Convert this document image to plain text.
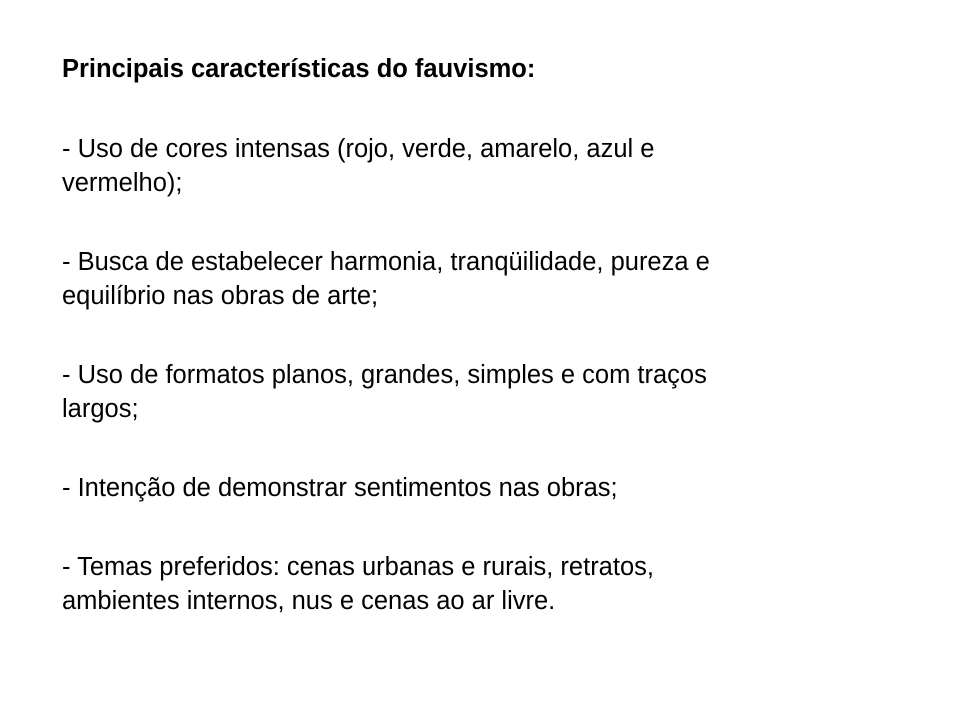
Principais características do fauvismo:

- Uso de cores intensas (rojo, verde, amarelo, azul e
vermelho);

- Busca de estabelecer harmonia, tranqüilidade, pureza e
equilíbrio nas obras de arte;

- Uso de formatos planos, grandes, simples e com traços
largos;

- Intenção de demonstrar sentimentos nas obras;

- Temas preferidos: cenas urbanas e rurais, retratos,
ambientes internos, nus e cenas ao ar livre.
